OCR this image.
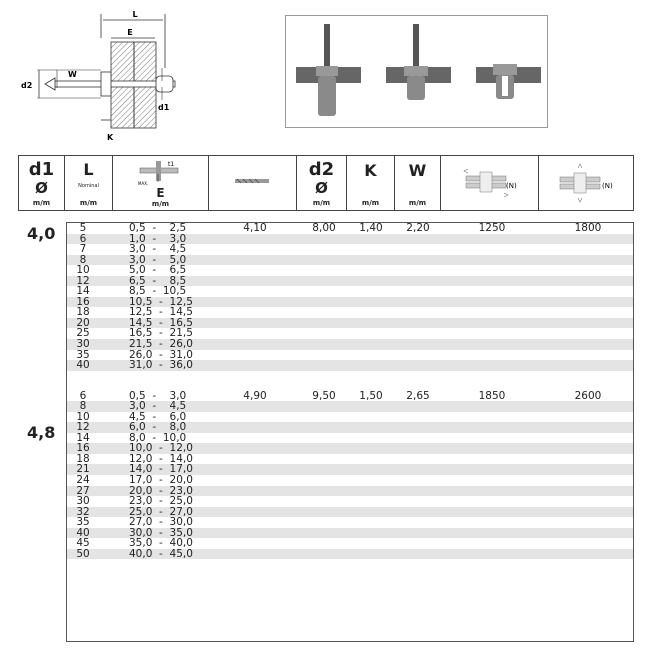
L
E
d2
W
d1
K
d1
Ø
m/m
L
Nominal
m/m
t1
MAX.
E
m/m
d2
Ø
m/m
K
m/m
W
m/m
(N)	(N)
4,0
4,8
5	0,5  -    2,5	4,10	8,00	1,40	2,20	1250	1800
6	1,0  -    3,0
7	3,0  -    4,5
8	3,0  -    5,0
10	5,0  -    6,5
12	6,5  -    8,5
14	8,5  -  10,5
16	10,5  -  12,5
18	12,5  -  14,5
20	14,5  -  16,5
25	16,5  -  21,5
30	21,5  -  26,0
35	26,0  -  31,0
40	31,0  -  36,0
6	0,5  -    3,0	4,90	9,50	1,50	2,65	1850	2600
8	3,0  -    4,5
10	4,5  -    6,0
12	6,0  -    8,0
14	8,0  -  10,0
16	10,0  -  12,0
18	12,0  -  14,0
21	14,0  -  17,0
24	17,0  -  20,0
27	20,0  -  23,0
30	23,0  -  25,0
32	25,0  -  27,0
35	27,0  -  30,0
40	30,0  -  35,0
45	35,0  -  40,0
50	40,0  -  45,0
